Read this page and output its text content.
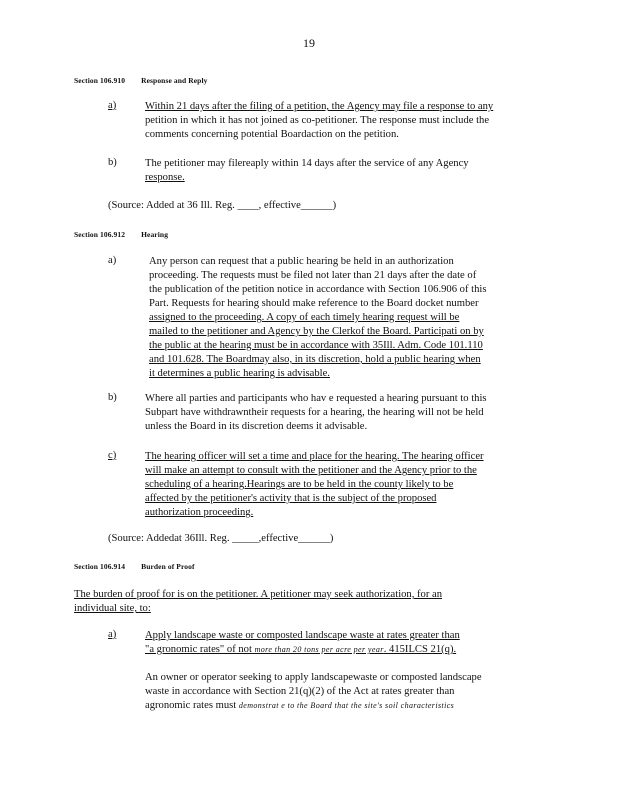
19
Section 106.910 Response and Reply
a)	Within 21 days after the filing of a petition, the Agency may file a response to any
petition in which it has not joined as co-petitioner. The response must include the
comments concerning potential Boardaction on the petition.
b)	The petitioner may filereaply within 14 days after the service of any Agency
response.
(Source: Added at 36 Ill. Reg. ____, effective______)
Section 106.912 Hearing
a)	Any person can request that a public hearing be held in an authorization
proceeding. The requests must be filed not later than 21 days after the date of
the publication of the petition notice in accordance with Section 106.906 of this
Part. Requests for hearing should make reference to the Board docket number
assigned to the proceeding. A copy of each timely hearing request will be
mailed to the petitioner and Agency by the Clerkof the Board. Participati on by
the public at the hearing must be in accordance with 35Ill. Adm. Code 101.110
and 101.628. The Boardmay also, in its discretion, hold a public hearing when
it determines a public hearing is advisable.
b)	Where all parties and participants who hav e requested a hearing pursuant to this
Subpart have withdrawntheir requests for a hearing, the hearing will not be held
unless the Board in its discretion deems it advisable.
c)	The hearing officer will set a time and place for the hearing. The hearing officer
will make an attempt to consult with the petitioner and the Agency prior to the
scheduling of a hearing.Hearings are to be held in the county likely to be
affected by the petitioner's activity that is the subject of the proposed
authorization proceeding.
(Source: Addedat 36Ill. Reg. _____,effective______)
Section 106.914 Burden of Proof
The burden of proof for is on the petitioner. A petitioner may seek authorization, for an
individual site, to:
a)	Apply landscape waste or composted landscape waste at rates greater than
"a gronomic rates" of not more than 20 tons per acre per year. 415ILCS 21(q).
An owner or operator seeking to apply landscapewaste or composted landscape
waste in accordance with Section 21(q)(2) of the Act at rates greater than
agronomic rates must demonstrat e to the Board that the site's soil characteristics
